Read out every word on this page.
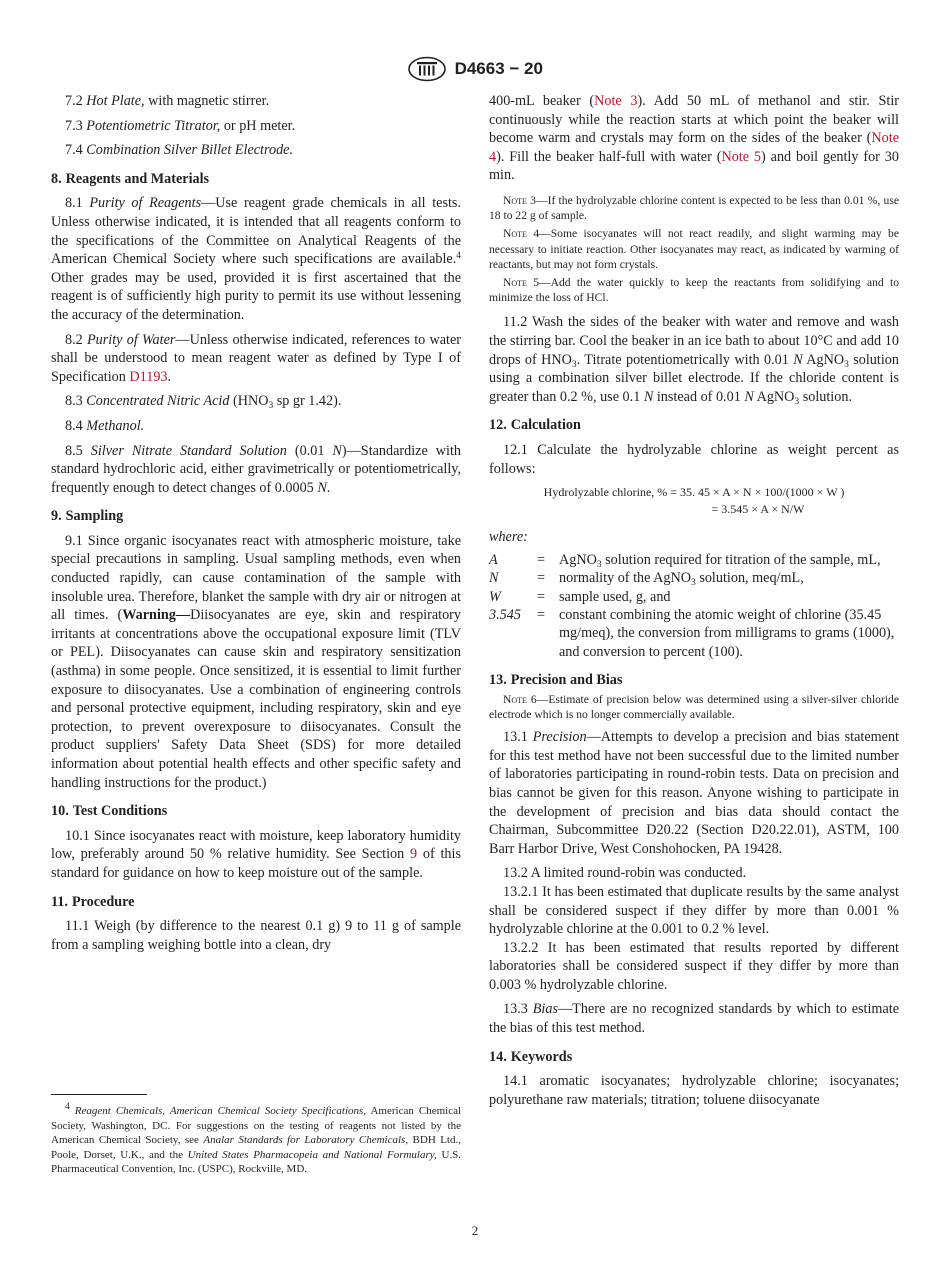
D4663 − 20

7.2 Hot Plate, with magnetic stirrer.

7.3 Potentiometric Titrator, or pH meter.

7.4 Combination Silver Billet Electrode.

8. Reagents and Materials

8.1 Purity of Reagents—Use reagent grade chemicals in all tests. Unless otherwise indicated, it is intended that all reagents conform to the specifications of the Committee on Analytical Reagents of the American Chemical Society where such specifications are available.$^4$ Other grades may be used, provided it is first ascertained that the reagent is of sufficiently high purity to permit its use without lessening the accuracy of the determination.

8.2 Purity of Water—Unless otherwise indicated, references to water shall be understood to mean reagent water as defined by Type I of Specification D1193.

8.3 Concentrated Nitric Acid ($HNO_3$ sp gr 1.42).

8.4 Methanol.

8.5 Silver Nitrate Standard Solution (0.01 N)—Standardize with standard hydrochloric acid, either gravimetrically or potentiometrically, frequently enough to detect changes of 0.0005 N.

9. Sampling

9.1 Since organic isocyanates react with atmospheric moisture, take special precautions in sampling. Usual sampling methods, even when conducted rapidly, can cause contamination of the sample with insoluble urea. Therefore, blanket the sample with dry air or nitrogen at all times. (Warning—Diisocyanates are eye, skin and respiratory irritants at concentrations above the occupational exposure limit (TLV or PEL). Diisocyanates can cause skin and respiratory sensitization (asthma) in some people. Once sensitized, it is essential to limit further exposure to diisocyanates. Use a combination of engineering controls and personal protective equipment, including respiratory, skin and eye protection, to prevent overexposure to diisocyanates. Consult the product suppliers' Safety Data Sheet (SDS) for more detailed information about potential health effects and other specific safety and handling instructions for the product.)

10. Test Conditions

10.1 Since isocyanates react with moisture, keep laboratory humidity low, preferably around 50 % relative humidity. See Section 9 of this standard for guidance on how to keep moisture out of the sample.

11. Procedure

11.1 Weigh (by difference to the nearest 0.1 g) 9 to 11 g of sample from a sampling weighing bottle into a clean, dry

$^4$ Reagent Chemicals, American Chemical Society Specifications, American Chemical Society, Washington, DC. For suggestions on the testing of reagents not listed by the American Chemical Society, see Analar Standards for Laboratory Chemicals, BDH Ltd., Poole, Dorset, U.K., and the United States Pharmacopeia and National Formulary, U.S. Pharmaceutical Convention, Inc. (USPC), Rockville, MD.

400-mL beaker (Note 3). Add 50 mL of methanol and stir. Stir continuously while the reaction starts at which point the beaker will become warm and crystals may form on the sides of the beaker (Note 4). Fill the beaker half-full with water (Note 5) and boil gently for 30 min.

Note 3—If the hydrolyzable chlorine content is expected to be less than 0.01 %, use 18 to 22 g of sample.

Note 4—Some isocyanates will not react readily, and slight warming may be necessary to initiate reaction. Other isocyanates may react, as indicated by warming of reactants, but may not form crystals.

Note 5—Add the water quickly to keep the reactants from solidifying and to minimize the loss of HCl.

11.2 Wash the sides of the beaker with water and remove and wash the stirring bar. Cool the beaker in an ice bath to about 10°C and add 10 drops of $HNO_3$. Titrate potentiometrically with 0.01 N AgNO$_3$ solution using a combination silver billet electrode. If the chloride content is greater than 0.2 %, use 0.1 N instead of 0.01 N AgNO$_3$ solution.

12. Calculation

12.1 Calculate the hydrolyzable chlorine as weight percent as follows:

Hydrolyzable chlorine, % = 35. 45 × A × N × 100/(1000 × W )
= 3.545 × A × N/W
where:
A	=	AgNO$_3$ solution required for titration of the sample, mL,
N	=	normality of the AgNO$_3$ solution, meq/mL,
W	=	sample used, g, and
3.545	=	constant combining the atomic weight of chlorine (35.45 mg/meq), the conversion from milligrams to grams (1000), and conversion to percent (100).
13. Precision and Bias

Note 6—Estimate of precision below was determined using a silver-silver chloride electrode which is no longer commercially available.

13.1 Precision—Attempts to develop a precision and bias statement for this test method have not been successful due to the limited number of laboratories participating in round-robin tests. Data on precision and bias cannot be given for this reason. Anyone wishing to participate in the development of precision and bias data should contact the Chairman, Subcommittee D20.22 (Section D20.22.01), ASTM, 100 Barr Harbor Drive, West Conshohocken, PA 19428.

13.2 A limited round-robin was conducted.

13.2.1 It has been estimated that duplicate results by the same analyst shall be considered suspect if they differ by more than 0.001 % hydrolyzable chlorine at the 0.001 to 0.2 % level.

13.2.2 It has been estimated that results reported by different laboratories shall be considered suspect if they differ by more than 0.003 % hydrolyzable chlorine.

13.3 Bias—There are no recognized standards by which to estimate the bias of this test method.

14. Keywords

14.1 aromatic isocyanates; hydrolyzable chlorine; isocyanates; polyurethane raw materials; titration; toluene diisocyanate

2
